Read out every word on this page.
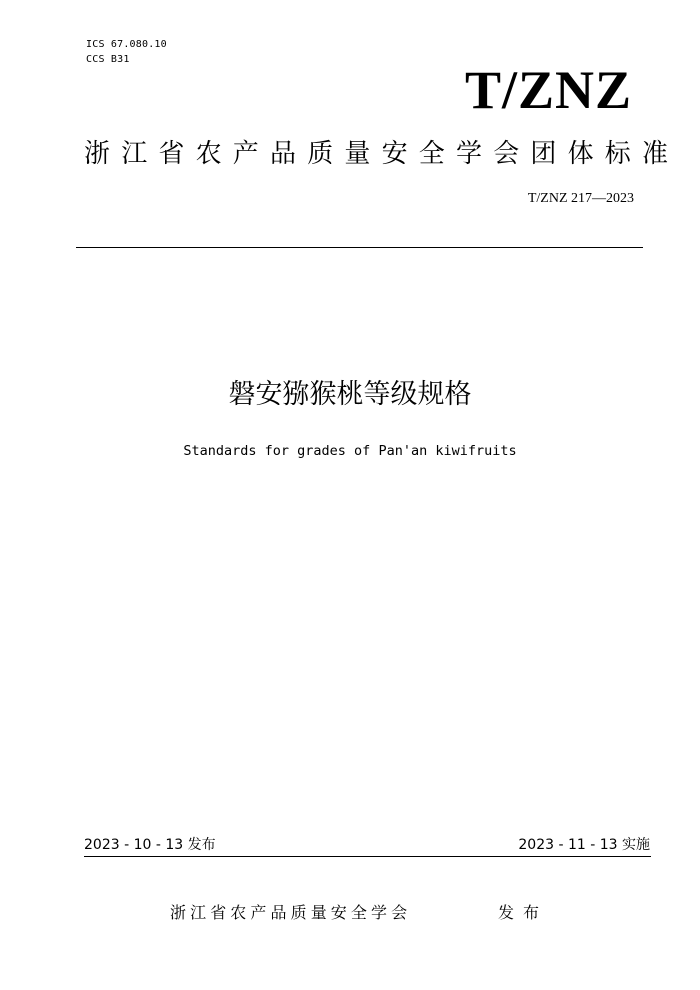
ICS 67.080.10
CCS B31
T/ZNZ
浙江省农产品质量安全学会团体标准
T/ZNZ 217—2023
磐安猕猴桃等级规格
Standards for grades of Pan'an kiwifruits
2023 - 10 - 13 发布	2023 - 11 - 13 实施
浙江省农产品质量安全学会	发布
